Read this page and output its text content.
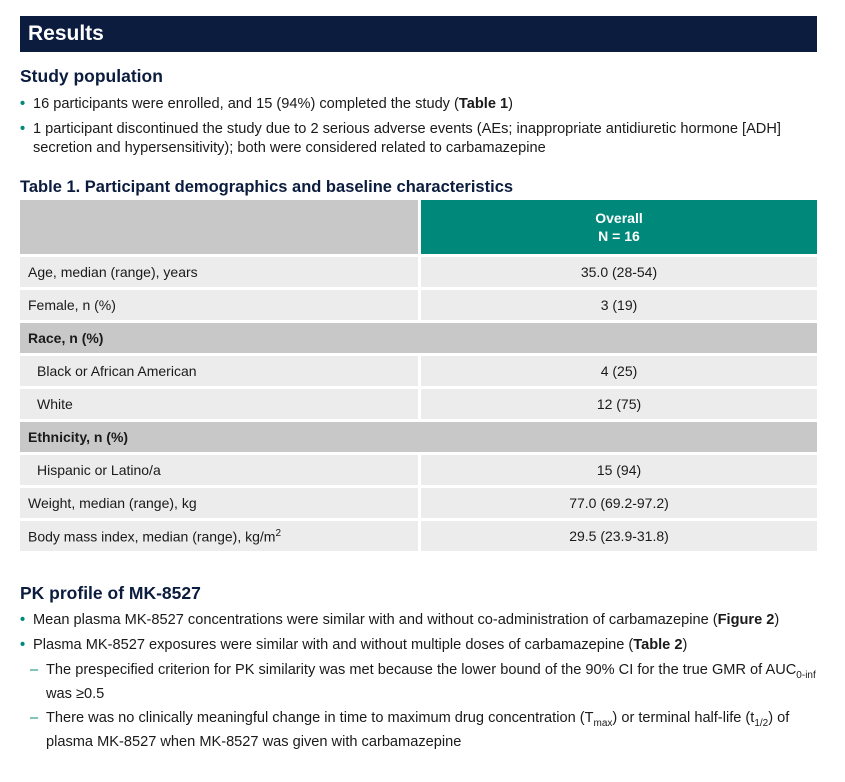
Results
Study population
• 16 participants were enrolled, and 15 (94%) completed the study (Table 1)
• 1 participant discontinued the study due to 2 serious adverse events (AEs; inappropriate antidiuretic hormone [ADH] secretion and hypersensitivity); both were considered related to carbamazepine
Table 1. Participant demographics and baseline characteristics

	Overall
N = 16

Age, median (range), years	35.0 (28-54)
Female, n (%)	3 (19)
Race, n (%)	
Black or African American	4 (25)
White	12 (75)
Ethnicity, n (%)	
Hispanic or Latino/a	15 (94)
Weight, median (range), kg	77.0 (69.2-97.2)
Body mass index, median (range), $kg/m^2$	29.5 (23.9-31.8)
PK profile of MK-8527
• Mean plasma MK-8527 concentrations were similar with and without co-administration of carbamazepine (Figure 2)
• Plasma MK-8527 exposures were similar with and without multiple doses of carbamazepine (Table 2)
– The prespecified criterion for PK similarity was met because the lower bound of the 90% CI for the true GMR of $AUC_{0-inf}$ was ≥0.5
– There was no clinically meaningful change in time to maximum drug concentration $(T_{max})$ or terminal half-life $(t_{1/2})$ of plasma MK-8527 when MK-8527 was given with carbamazepine
